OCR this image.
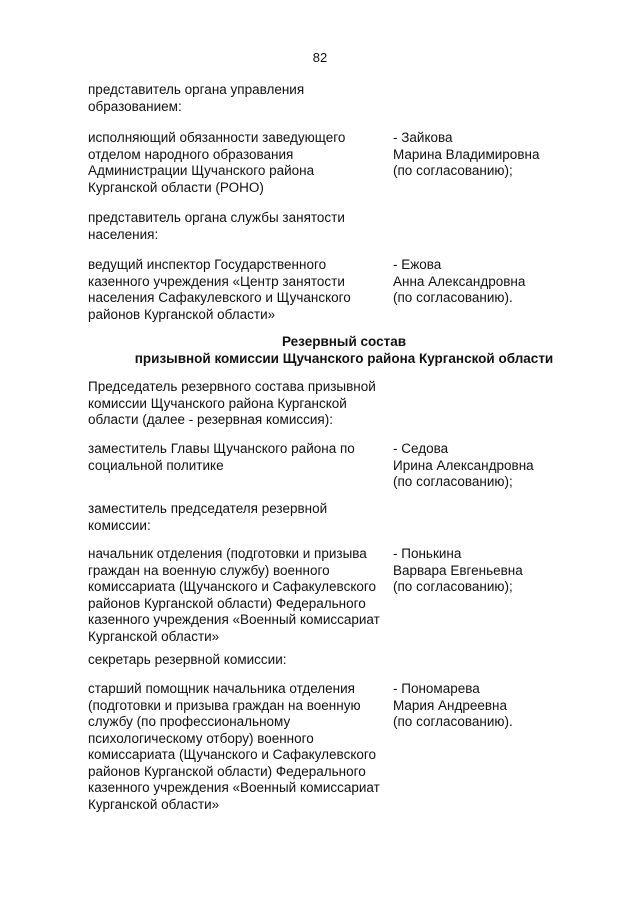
82
представитель органа управления
образованием:
исполняющий обязанности заведующего
отделом народного образования
Администрации Щучанского района
Курганской области (РОНО)
- Зайкова
Марина Владимировна
(по согласованию);
представитель органа службы занятости
населения:
ведущий инспектор Государственного
казенного учреждения «Центр занятости
населения Сафакулевского и Щучанского
районов Курганской области»
- Ежова
Анна Александровна
(по согласованию).
Резервный состав
призывной комиссии Щучанского района Курганской области
Председатель резервного состава призывной
комиссии Щучанского района Курганской
области (далее - резервная комиссия):
заместитель Главы Щучанского района по
социальной политике
- Седова
Ирина Александровна
(по согласованию);
заместитель председателя резервной
комиссии:
начальник отделения (подготовки и призыва
граждан на военную службу) военного
комиссариата (Щучанского и Сафакулевского
районов Курганской области) Федерального
казенного учреждения «Военный комиссариат
Курганской области»
- Понькина
Варвара Евгеньевна
(по согласованию);
секретарь резервной комиссии:
старший помощник начальника отделения
(подготовки и призыва граждан на военную
службу (по профессиональному
психологическому отбору) военного
комиссариата (Щучанского и Сафакулевского
районов Курганской области) Федерального
казенного учреждения «Военный комиссариат
Курганской области»
- Пономарева
Мария Андреевна
(по согласованию).
